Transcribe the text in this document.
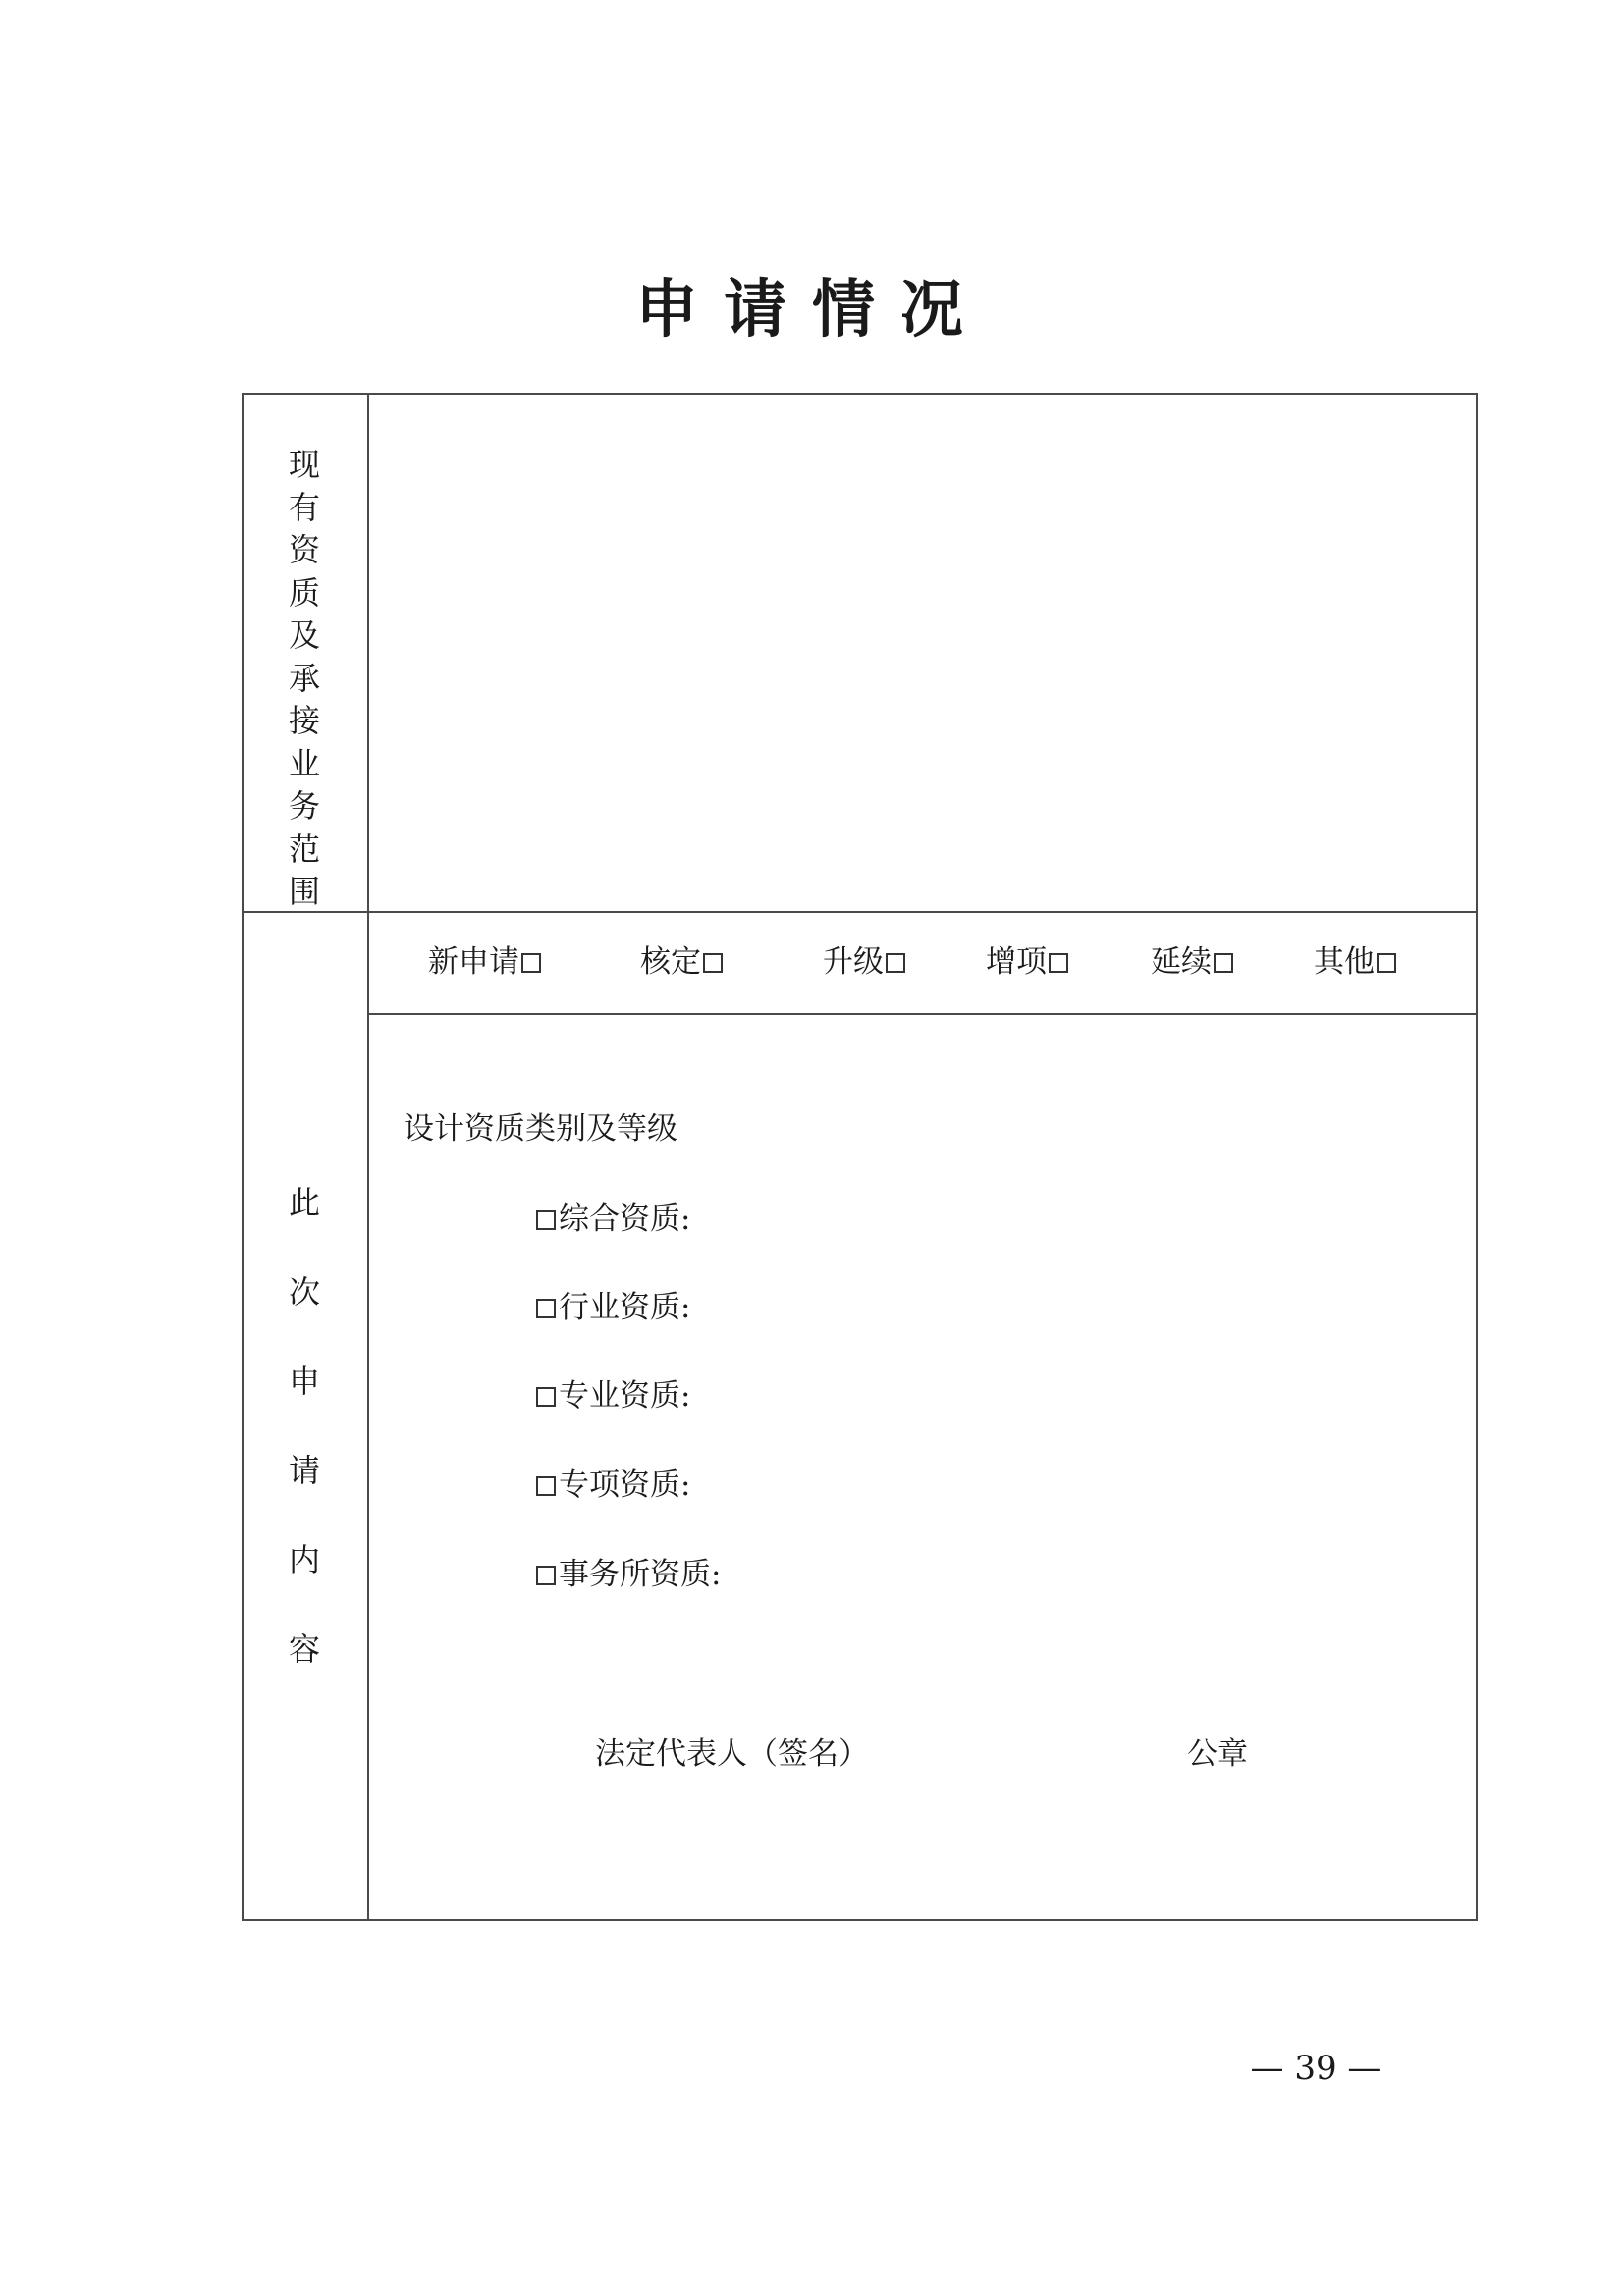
申请情况
现
有
资
质
及
承
接
业
务
范
围
此
次
申
请
内
容
新申请	核定	升级	增项	延续	其他
设计资质类别及等级
综合资质:
行业资质:
专业资质:
专项资质:
事务所资质:
法定代表人（签名）	公章
— 39 —
